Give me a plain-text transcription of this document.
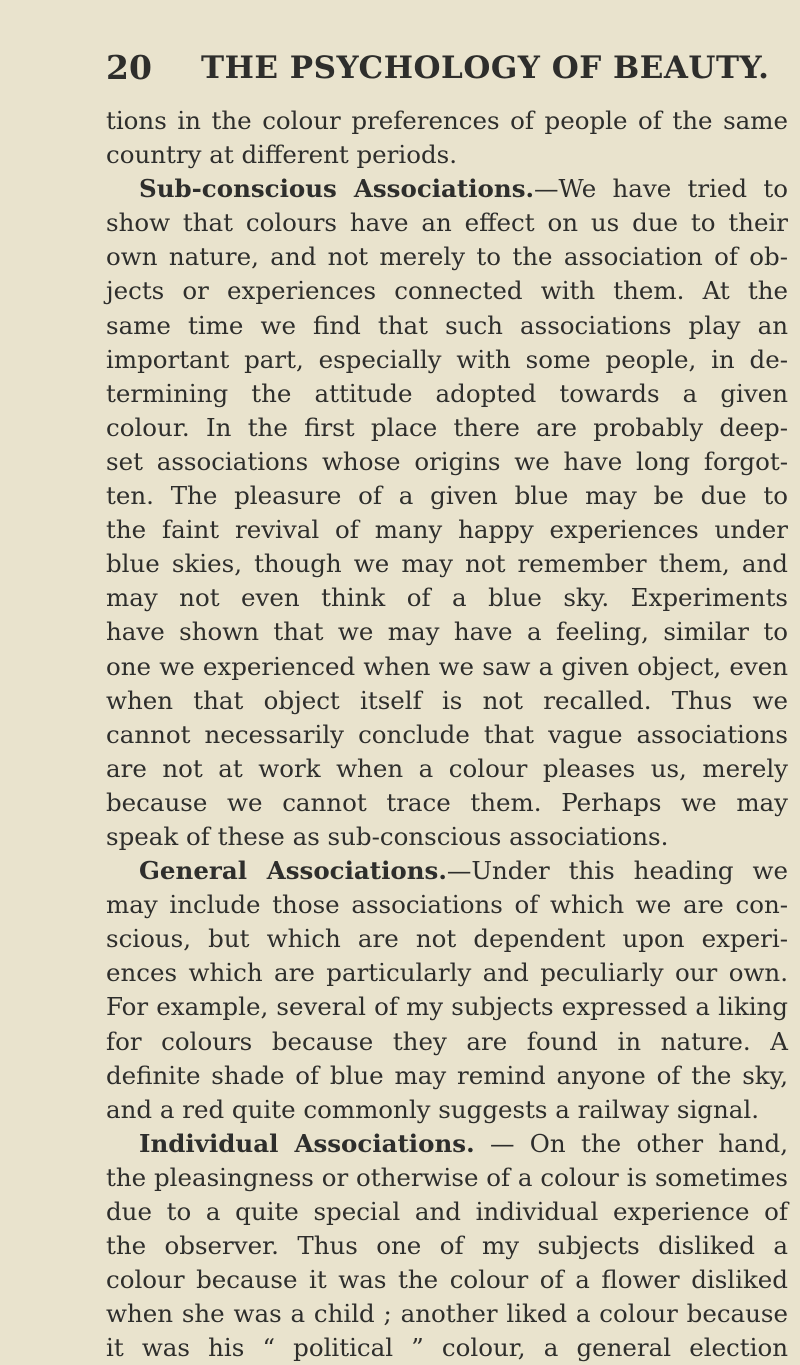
20 THE PSYCHOLOGY OF BEAUTY.
tions in the colour preferences of people of the same
country at different periods.
Sub-conscious Associations.—We have tried to
show that colours have an effect on us due to their
own nature, and not merely to the association of ob-
jects or experiences connected with them. At the
same time we find that such associations play an
important part, especially with some people, in de-
termining the attitude adopted towards a given
colour. In the first place there are probably deep-
set associations whose origins we have long forgot-
ten. The pleasure of a given blue may be due to
the faint revival of many happy experiences under
blue skies, though we may not remember them, and
may not even think of a blue sky. Experiments
have shown that we may have a feeling, similar to
one we experienced when we saw a given object, even
when that object itself is not recalled. Thus we
cannot necessarily conclude that vague associations
are not at work when a colour pleases us, merely
because we cannot trace them. Perhaps we may
speak of these as sub-conscious associations.
General Associations.—Under this heading we
may include those associations of which we are con-
scious, but which are not dependent upon experi-
ences which are particularly and peculiarly our own.
For example, several of my subjects expressed a liking
for colours because they are found in nature. A
definite shade of blue may remind anyone of the sky,
and a red quite commonly suggests a railway signal.
Individual Associations. — On the other hand,
the pleasingness or otherwise of a colour is sometimes
due to a quite special and individual experience of
the observer. Thus one of my subjects disliked a
colour because it was the colour of a flower disliked
when she was a child ; another liked a colour because
it was his “ political ” colour, a general election
